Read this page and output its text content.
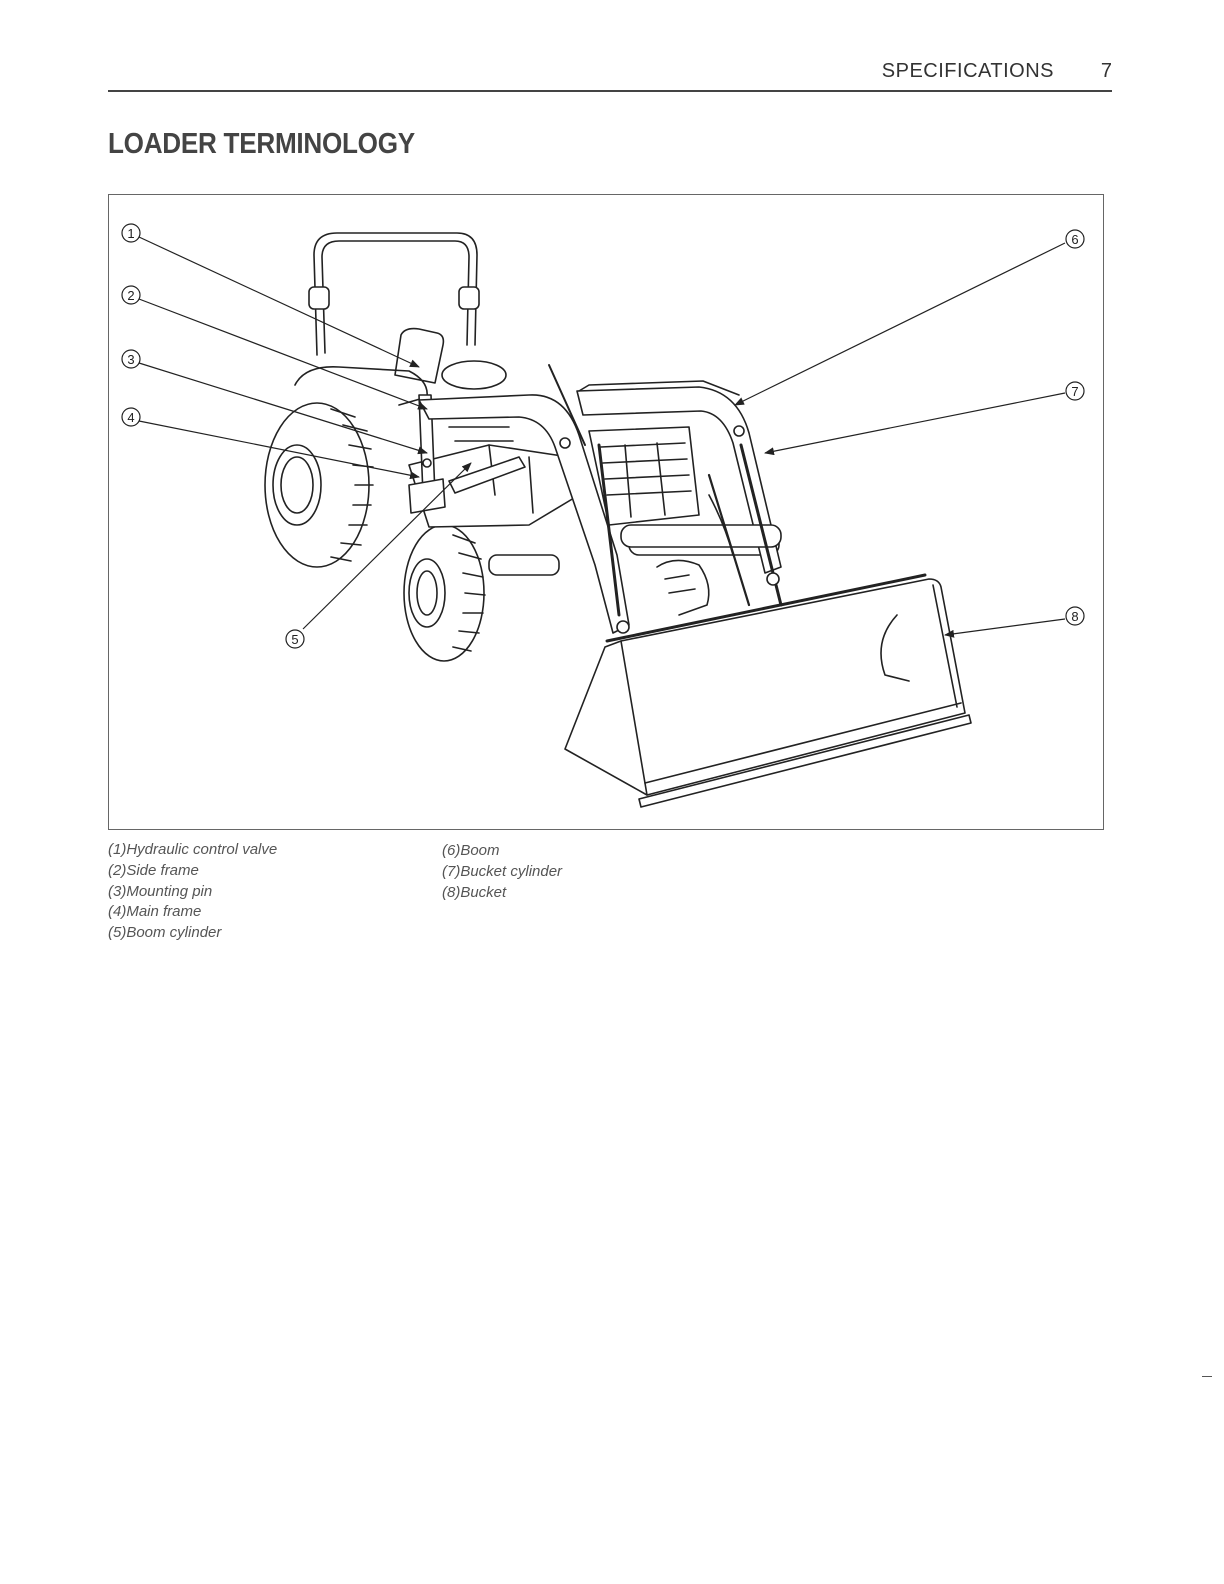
SPECIFICATIONS 7
LOADER TERMINOLOGY
1
2
3
4
5
6
7
8
(1)Hydraulic control valve
(2)Side frame
(3)Mounting pin
(4)Main frame
(5)Boom cylinder
(6)Boom
(7)Bucket cylinder
(8)Bucket
